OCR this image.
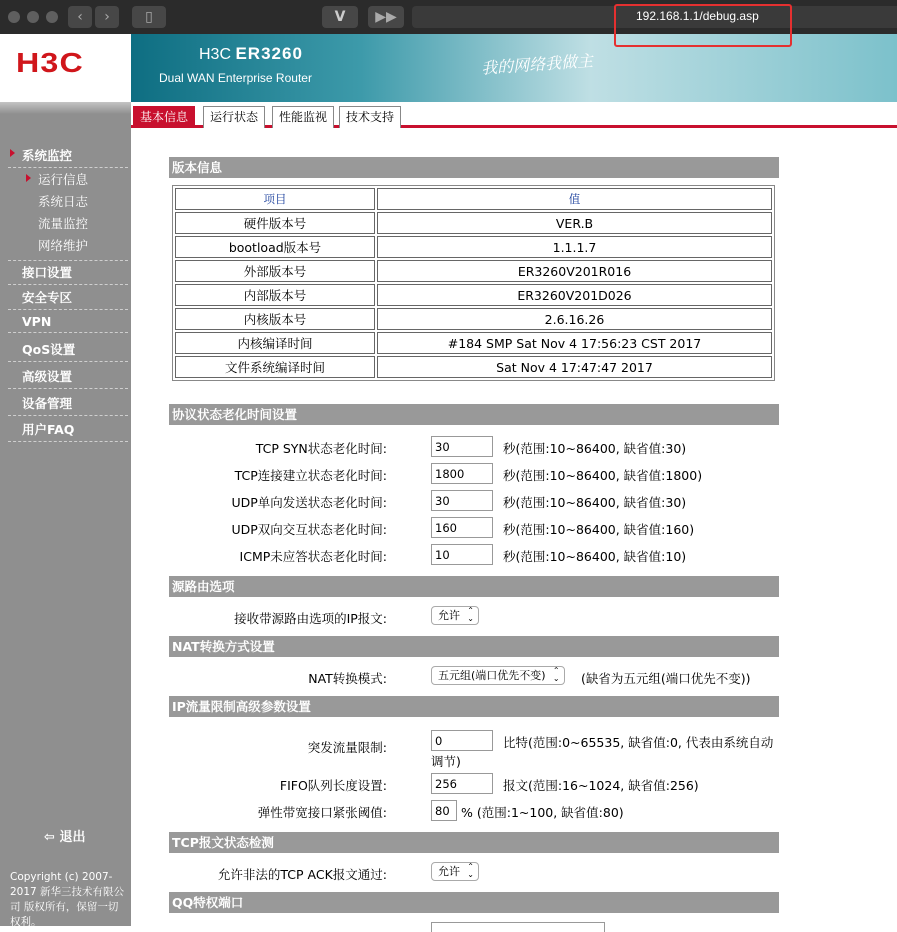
‹	›	▯	V	▶▶	192.168.1.1/debug.asp
H3C	H3C ER3260
Dual WAN Enterprise Router
我的网络我做主
基本信息	运行状态	性能监视	技术支持
系统监控
运行信息
系统日志
流量监控
网络维护
接口设置
安全专区
VPN
QoS设置
高级设置
设备管理
用户FAQ
⇦ 退出
Copyright (c) 2007-2017 新华三技术有限公司 版权所有，保留一切权利。
版本信息
项目	值
硬件版本号	VER.B
bootload版本号	1.1.1.7
外部版本号	ER3260V201R016
内部版本号	ER3260V201D026
内核版本号	2.6.16.26
内核编译时间	#184 SMP Sat Nov 4 17:56:23 CST 2017
文件系统编译时间	Sat Nov 4 17:47:47 2017
协议状态老化时间设置
TCP SYN状态老化时间:
30	秒(范围:10~86400, 缺省值:30)
TCP连接建立状态老化时间:
1800	秒(范围:10~86400, 缺省值:1800)
UDP单向发送状态老化时间:
30	秒(范围:10~86400, 缺省值:30)
UDP双向交互状态老化时间:
160	秒(范围:10~86400, 缺省值:160)
ICMP未应答状态老化时间:
10	秒(范围:10~86400, 缺省值:10)
源路由选项
接收带源路由选项的IP报文:	允许 ⌄
⌃
NAT转换方式设置
NAT转换模式:	五元组(端口优先不变) ⌄
⌃ (缺省为五元组(端口优先不变))
IP流量限制高级参数设置
突发流量限制:
0	比特(范围:0~65535, 缺省值:0, 代表由系统自动
调节)
FIFO队列长度设置:
256	报文(范围:16~1024, 缺省值:256)
弹性带宽接口紧张阈值:
80	% (范围:1~100, 缺省值:80)
TCP报文状态检测
允许非法的TCP ACK报文通过:	允许 ⌄
⌃
QQ特权端口
